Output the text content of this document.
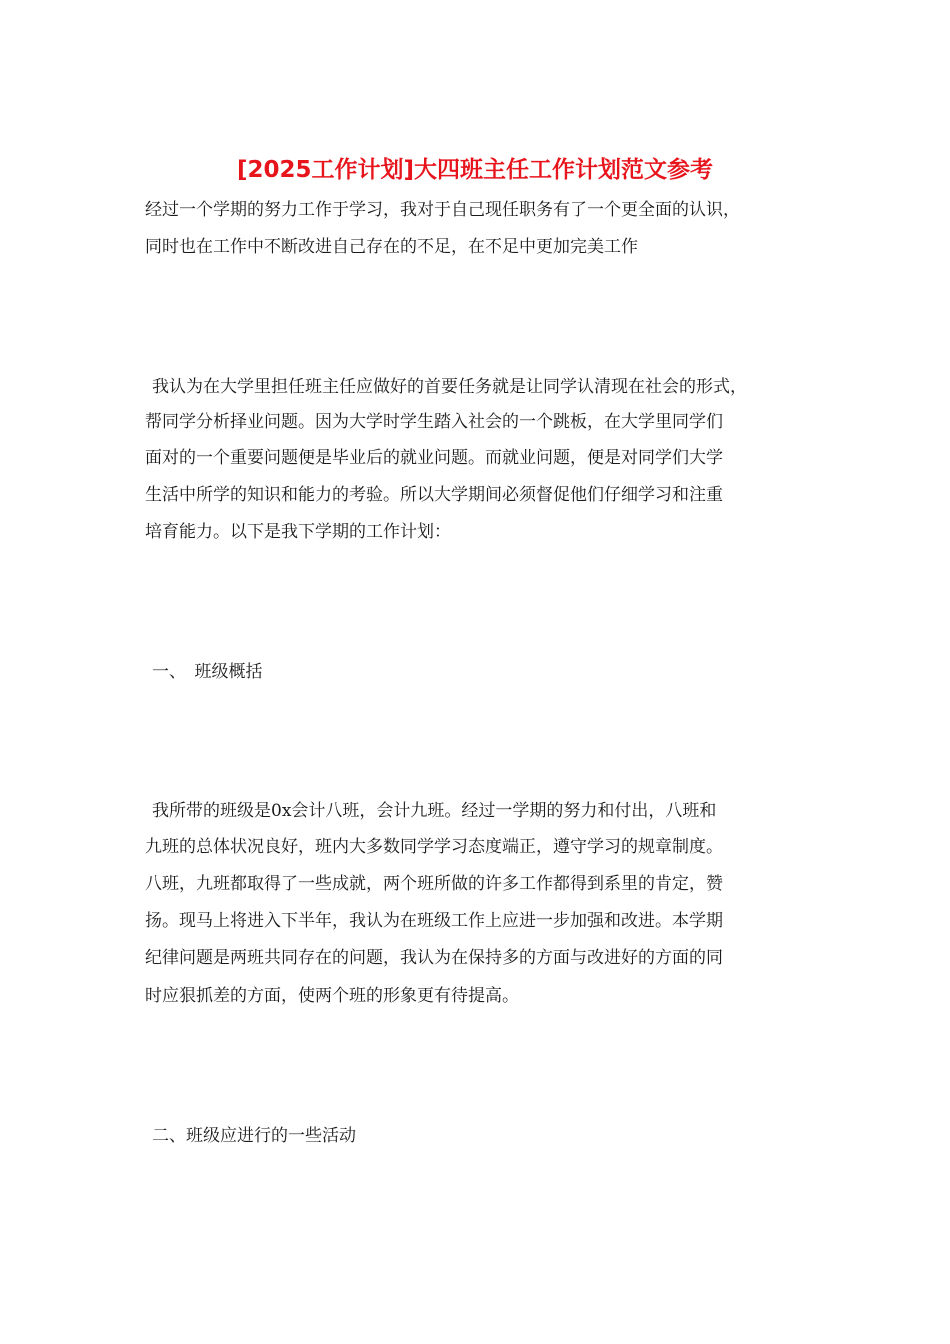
[2025工作计划]大四班主任工作计划范文参考

经过一个学期的努力工作于学习，我对于自己现任职务有了一个更全面的认识，

同时也在工作中不断改进自己存在的不足，在不足中更加完美工作

我认为在大学里担任班主任应做好的首要任务就是让同学认清现在社会的形式，

帮同学分析择业问题。因为大学时学生踏入社会的一个跳板，在大学里同学们

面对的一个重要问题便是毕业后的就业问题。而就业问题，便是对同学们大学

生活中所学的知识和能力的考验。所以大学期间必须督促他们仔细学习和注重

培育能力。以下是我下学期的工作计划：

一、　班级概括

我所带的班级是0x会计八班，会计九班。经过一学期的努力和付出，八班和

九班的总体状况良好，班内大多数同学学习态度端正，遵守学习的规章制度。

八班，九班都取得了一些成就，两个班所做的许多工作都得到系里的肯定，赞

扬。现马上将进入下半年，我认为在班级工作上应进一步加强和改进。本学期

纪律问题是两班共同存在的问题，我认为在保持多的方面与改进好的方面的同

时应狠抓差的方面，使两个班的形象更有待提高。

二、班级应进行的一些活动
